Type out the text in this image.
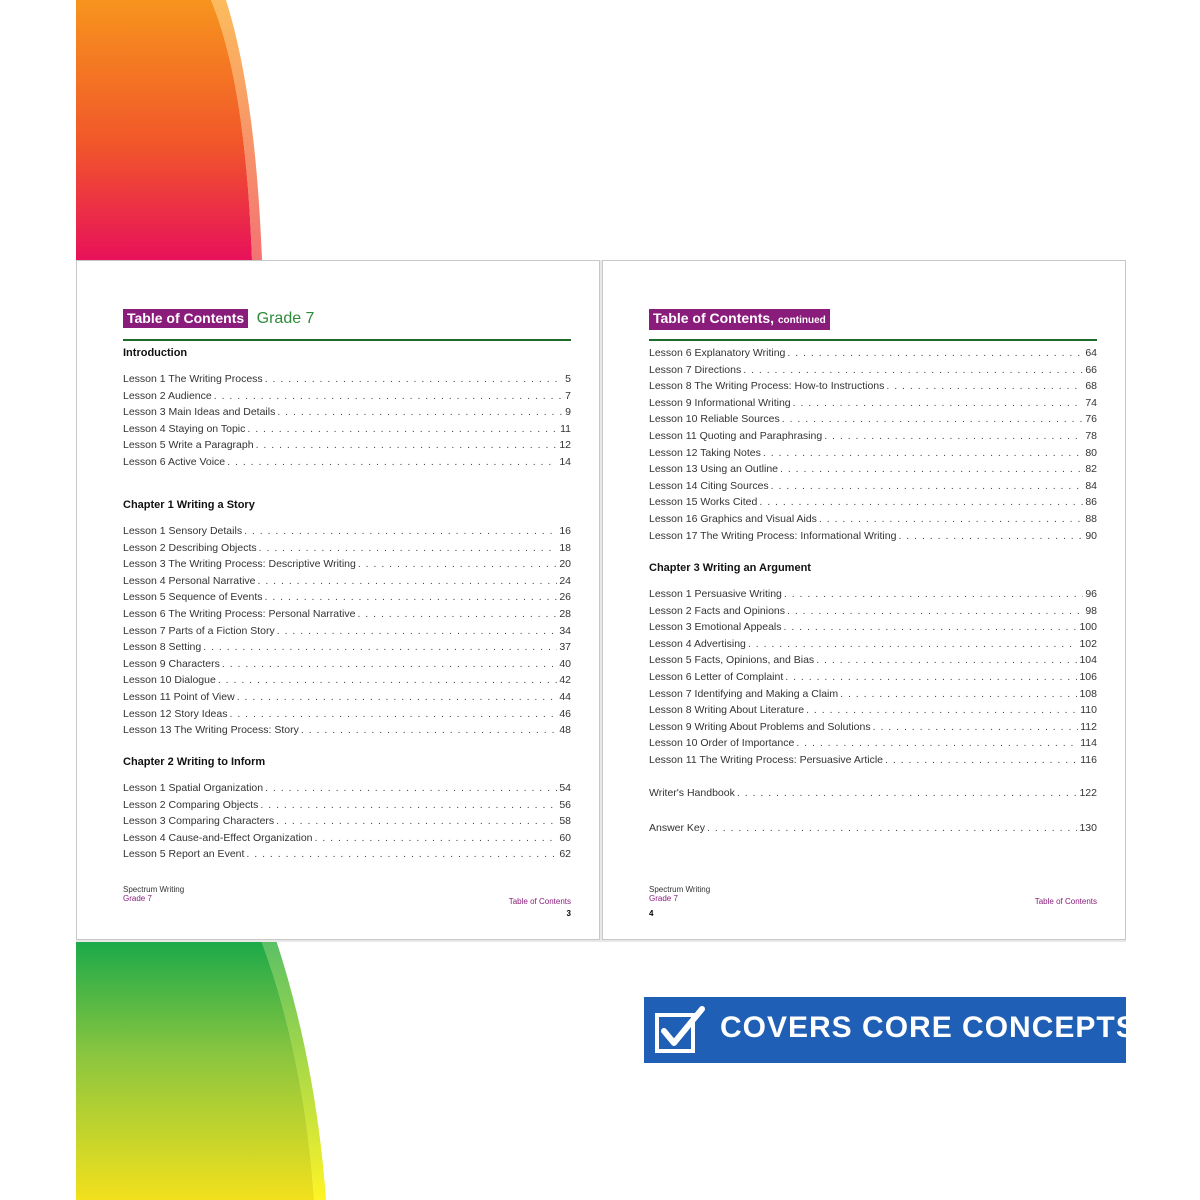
Table of Contents Grade 7
Introduction
Lesson 1 The Writing Process . . .	5
Lesson 2 Audience . . .	7
Lesson 3 Main Ideas and Details . . .	9
Lesson 4 Staying on Topic . . .	11
Lesson 5 Write a Paragraph . . .	12
Lesson 6 Active Voice . . .	14
Chapter 1 Writing a Story
Lesson 1 Sensory Details . . .	16
Lesson 2 Describing Objects . . .	18
Lesson 3 The Writing Process: Descriptive Writing . . .	20
Lesson 4 Personal Narrative . . .	24
Lesson 5 Sequence of Events . . .	26
Lesson 6 The Writing Process: Personal Narrative . . .	28
Lesson 7 Parts of a Fiction Story . . .	34
Lesson 8 Setting . . .	37
Lesson 9 Characters . . .	40
Lesson 10 Dialogue . . .	42
Lesson 11 Point of View . . .	44
Lesson 12 Story Ideas . . .	46
Lesson 13 The Writing Process: Story . . .	48
Chapter 2 Writing to Inform
Lesson 1 Spatial Organization . . .	54
Lesson 2 Comparing Objects . . .	56
Lesson 3 Comparing Characters . . .	58
Lesson 4 Cause-and-Effect Organization . . .	60
Lesson 5 Report an Event . . .	62
Spectrum Writing
Grade 7	Table of Contents
3
Table of Contents, continued
Lesson 6 Explanatory Writing . . .	64
Lesson 7 Directions . . .	66
Lesson 8 The Writing Process: How-to Instructions . . .	68
Lesson 9 Informational Writing . . .	74
Lesson 10 Reliable Sources . . .	76
Lesson 11 Quoting and Paraphrasing . . .	78
Lesson 12 Taking Notes . . .	80
Lesson 13 Using an Outline . . .	82
Lesson 14 Citing Sources . . .	84
Lesson 15 Works Cited . . .	86
Lesson 16 Graphics and Visual Aids . . .	88
Lesson 17 The Writing Process: Informational Writing . . .	90
Chapter 3 Writing an Argument
Lesson 1 Persuasive Writing . . .	96
Lesson 2 Facts and Opinions . . .	98
Lesson 3 Emotional Appeals . . .	100
Lesson 4 Advertising . . .	102
Lesson 5 Facts, Opinions, and Bias . . .	104
Lesson 6 Letter of Complaint . . .	106
Lesson 7 Identifying and Making a Claim . . .	108
Lesson 8 Writing About Literature . . .	110
Lesson 9 Writing About Problems and Solutions . . .	112
Lesson 10 Order of Importance . . .	114
Lesson 11 The Writing Process: Persuasive Article . . .	116
Writer's Handbook . . .	122
Answer Key . . .	130
Spectrum Writing
Grade 7	Table of Contents
4
COVERS CORE CONCEPTS
